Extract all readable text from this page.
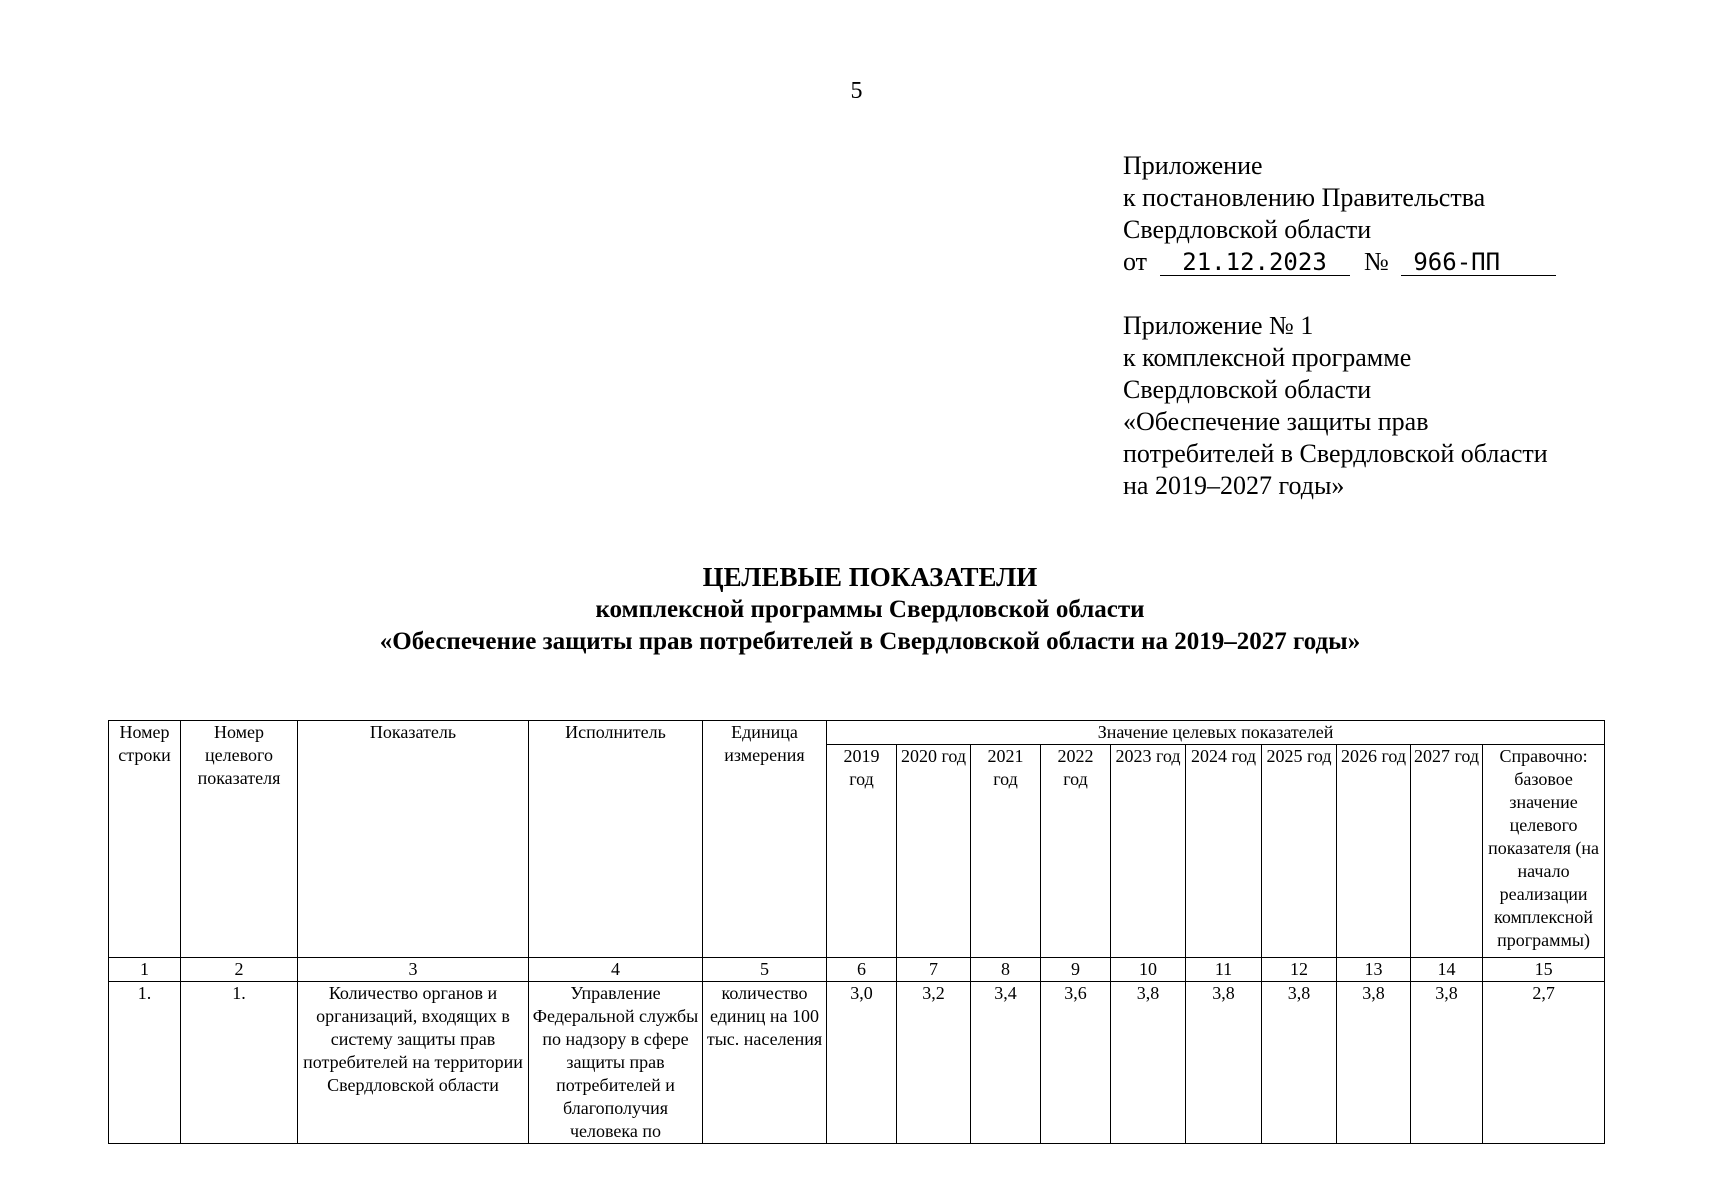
5
Приложение
к постановлению Правительства
Свердловской области
от 21.12.2023 № 966-ПП
Приложение № 1
к комплексной программе
Свердловской области
«Обеспечение защиты прав
потребителей в Свердловской области
на 2019–2027 годы»
ЦЕЛЕВЫЕ ПОКАЗАТЕЛИ
комплексной программы Свердловской области
«Обеспечение защиты прав потребителей в Свердловской области на 2019–2027 годы»
Номер строки	Номер целевого показателя	Показатель	Исполнитель	Единица измерения	Значение целевых показателей									
					2019 год	2020 год	2021 год	2022 год	2023 год	2024 год	2025 год	2026 год	2027 год	Справочно: базовое значение целевого показателя (на начало реализации комплексной программы)
1	2	3	4	5	6	7	8	9	10	11	12	13	14	15
1.	1.	Количество органов и организаций, входящих в систему защиты прав потребителей на территории Свердловской области	Управление Федеральной службы по надзору в сфере защиты прав потребителей и благополучия человека по	количество единиц на 100 тыс. населения	3,0	3,2	3,4	3,6	3,8	3,8	3,8	3,8	3,8	2,7
